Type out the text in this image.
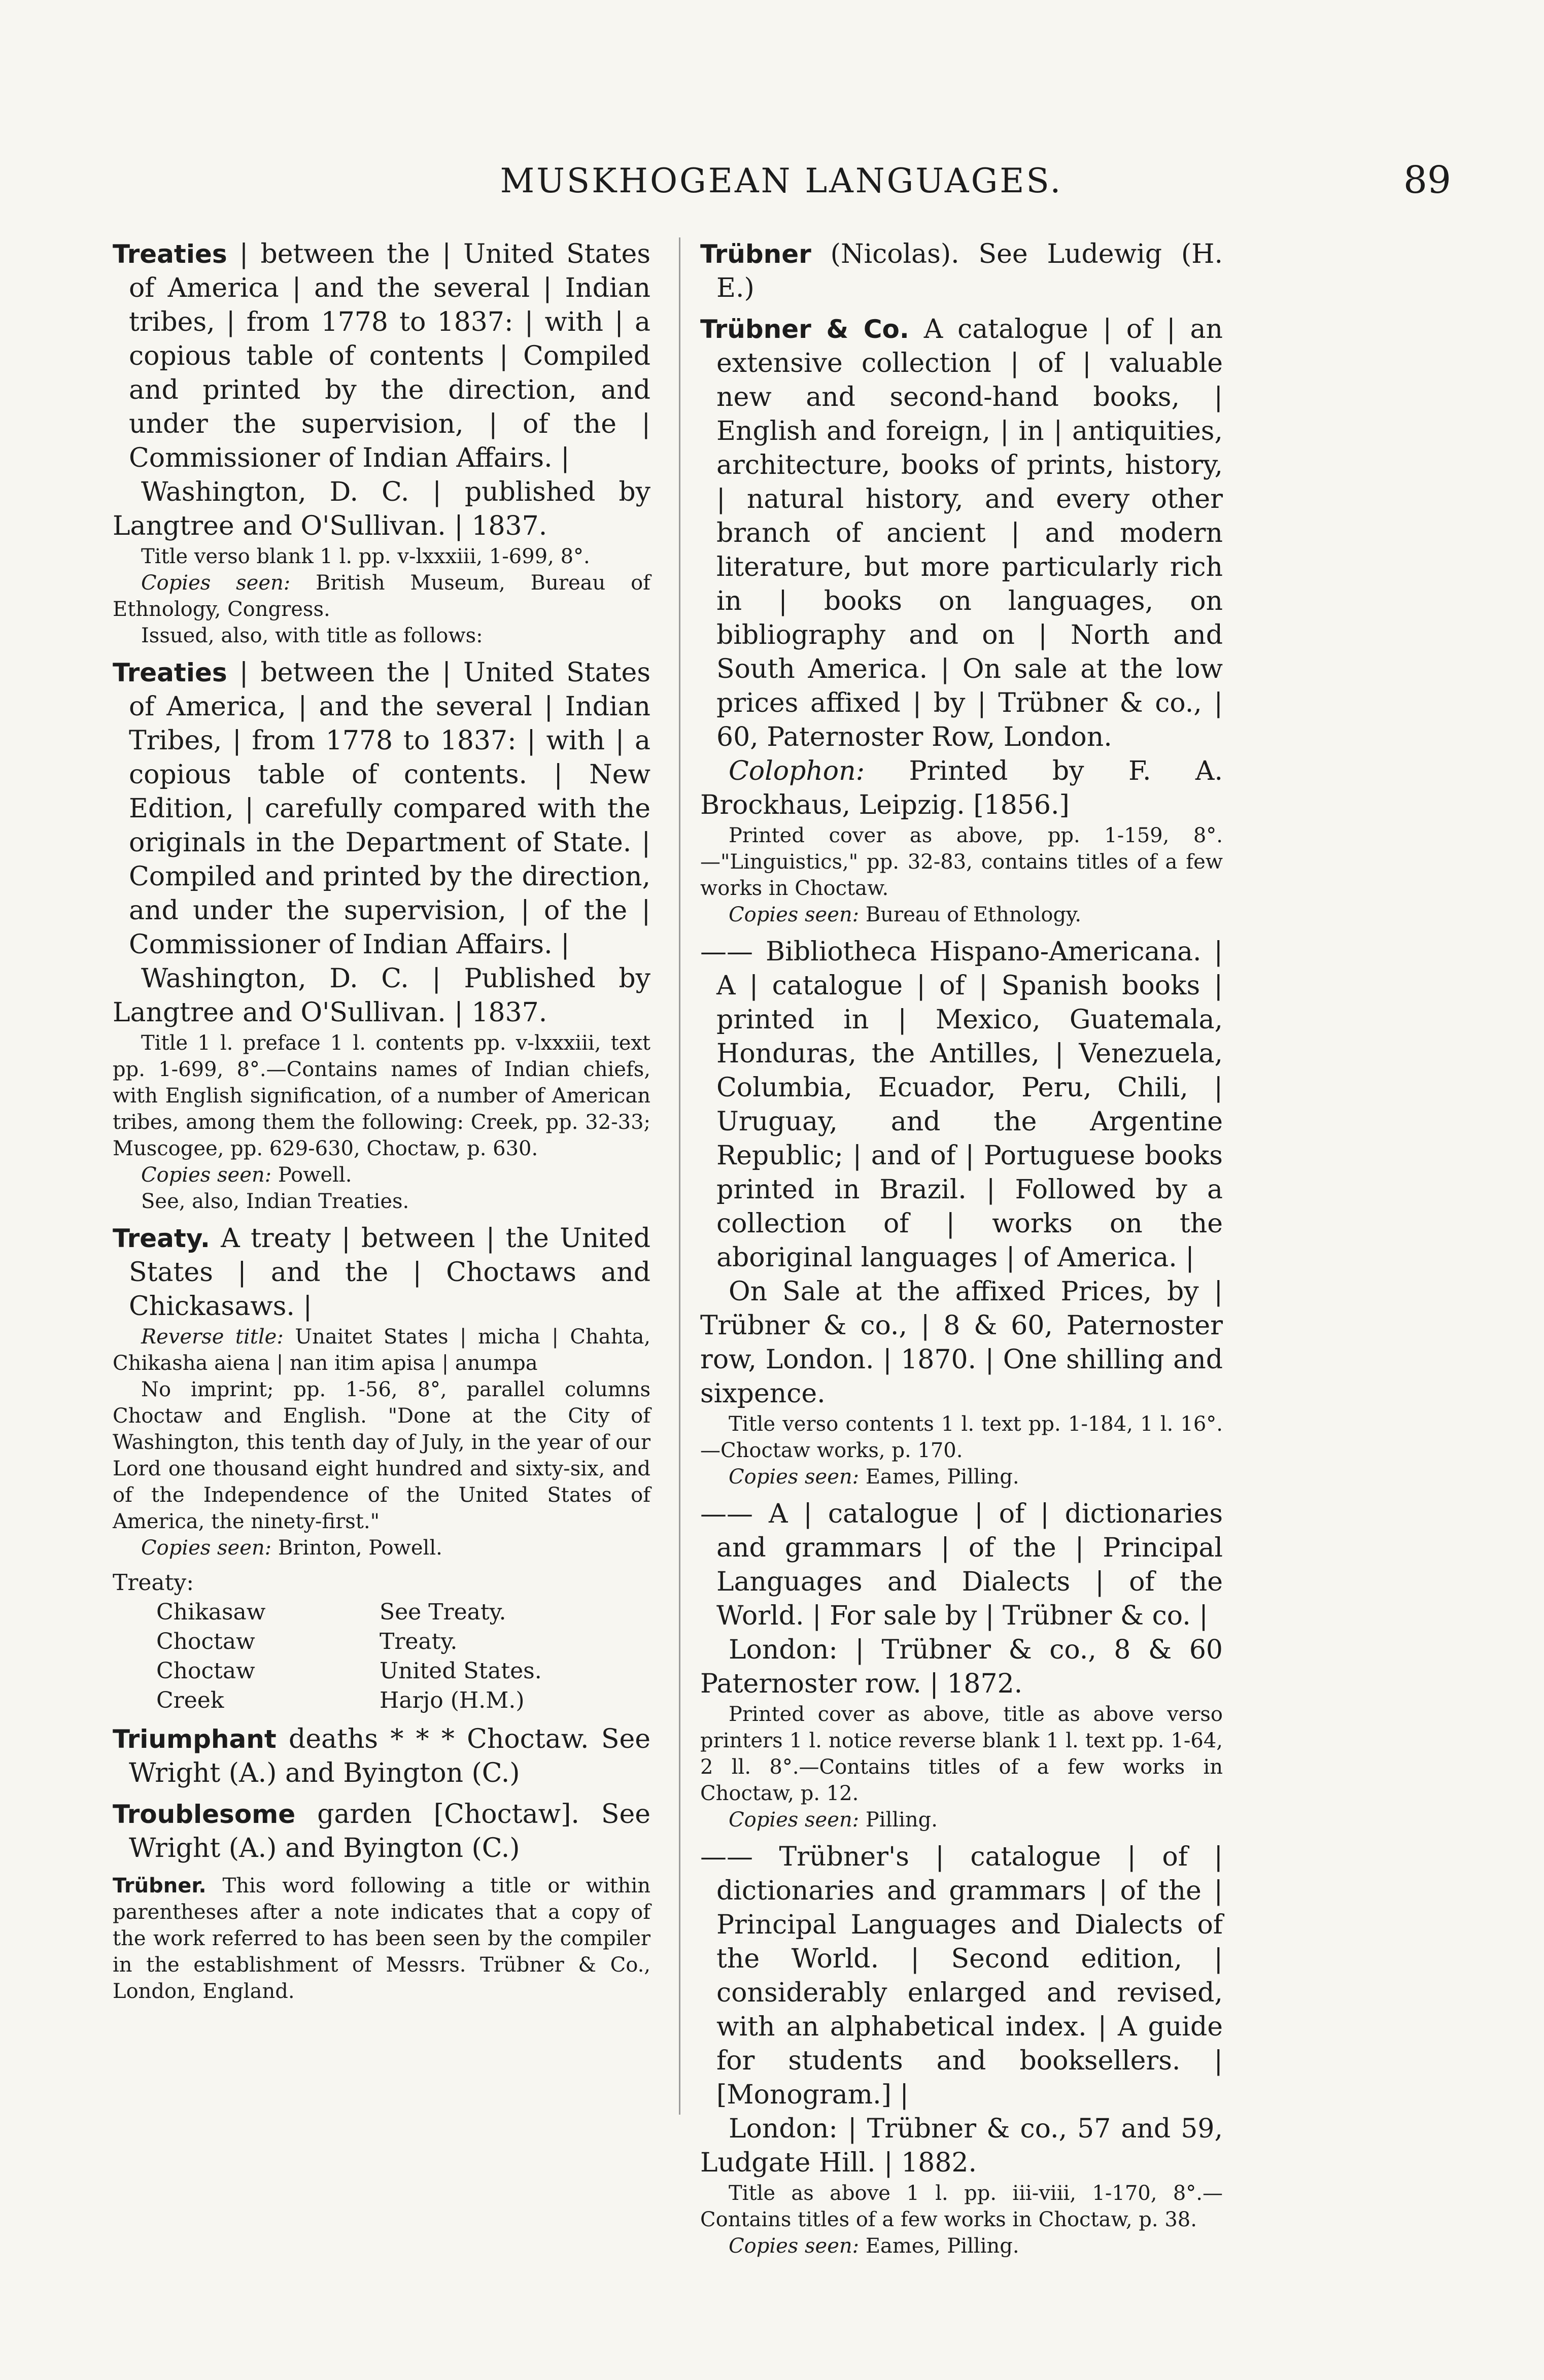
MUSKHOGEAN LANGUAGES.	89

Treaties | between the | United States of America | and the several | Indian tribes, | from 1778 to 1837: | with | a copious table of contents | Compiled and printed by the direction, and under the supervision, | of the | Commissioner of Indian Affairs. |

Washington, D. C. | published by Langtree and O'Sullivan. | 1837.

Title verso blank 1 l. pp. v-lxxxiii, 1-699, 8°.

Copies seen: British Museum, Bureau of Ethnology, Congress.

Issued, also, with title as follows:

Treaties | between the | United States of America, | and the several | Indian Tribes, | from 1778 to 1837: | with | a copious table of contents. | New Edition, | carefully compared with the originals in the Department of State. | Compiled and printed by the direction, and under the supervision, | of the | Commissioner of Indian Affairs. |

Washington, D. C. | Published by Langtree and O'Sullivan. | 1837.

Title 1 l. preface 1 l. contents pp. v-lxxxiii, text pp. 1-699, 8°.—Contains names of Indian chiefs, with English signification, of a number of American tribes, among them the following: Creek, pp. 32-33; Muscogee, pp. 629-630, Choctaw, p. 630.

Copies seen: Powell.

See, also, Indian Treaties.

Treaty. A treaty | between | the United States | and the | Choctaws and Chickasaws. |

Reverse title: Unaitet States | micha | Chahta, Chikasha aiena | nan itim apisa | anumpa

No imprint; pp. 1-56, 8°, parallel columns Choctaw and English. "Done at the City of Washington, this tenth day of July, in the year of our Lord one thousand eight hundred and sixty-six, and of the Independence of the United States of America, the ninety-first."

Copies seen: Brinton, Powell.

Treaty:

Chikasaw	See Treaty.
Choctaw	Treaty.
Choctaw	United States.
Creek	Harjo (H.M.)

Triumphant deaths * * * Choctaw. See Wright (A.) and Byington (C.)

Troublesome garden [Choctaw]. See Wright (A.) and Byington (C.)

Trübner. This word following a title or within parentheses after a note indicates that a copy of the work referred to has been seen by the compiler in the establishment of Messrs. Trübner & Co., London, England.

Trübner (Nicolas). See Ludewig (H. E.)

Trübner & Co. A catalogue | of | an extensive collection | of | valuable new and second-hand books, | English and foreign, | in | antiquities, architecture, books of prints, history, | natural history, and every other branch of ancient | and modern literature, but more particularly rich in | books on languages, on bibliography and on | North and South America. | On sale at the low prices affixed | by | Trübner & co., | 60, Paternoster Row, London.

Colophon: Printed by F. A. Brockhaus, Leipzig. [1856.]

Printed cover as above, pp. 1-159, 8°.—"Linguistics," pp. 32-83, contains titles of a few works in Choctaw.

Copies seen: Bureau of Ethnology.

—— Bibliotheca Hispano-Americana. | A | catalogue | of | Spanish books | printed in | Mexico, Guatemala, Honduras, the Antilles, | Venezuela, Columbia, Ecuador, Peru, Chili, | Uruguay, and the Argentine Republic; | and of | Portuguese books printed in Brazil. | Followed by a collection of | works on the aboriginal languages | of America. |

On Sale at the affixed Prices, by | Trübner & co., | 8 & 60, Paternoster row, London. | 1870. | One shilling and sixpence.

Title verso contents 1 l. text pp. 1-184, 1 l. 16°.—Choctaw works, p. 170.

Copies seen: Eames, Pilling.

—— A | catalogue | of | dictionaries and grammars | of the | Principal Languages and Dialects | of the World. | For sale by | Trübner & co. |

London: | Trübner & co., 8 & 60 Paternoster row. | 1872.

Printed cover as above, title as above verso printers 1 l. notice reverse blank 1 l. text pp. 1-64, 2 ll. 8°.—Contains titles of a few works in Choctaw, p. 12.

Copies seen: Pilling.

—— Trübner's | catalogue | of | dictionaries and grammars | of the | Principal Languages and Dialects of the World. | Second edition, | considerably enlarged and revised, with an alphabetical index. | A guide for students and booksellers. | [Monogram.] |

London: | Trübner & co., 57 and 59, Ludgate Hill. | 1882.

Title as above 1 l. pp. iii-viii, 1-170, 8°.—Contains titles of a few works in Choctaw, p. 38.

Copies seen: Eames, Pilling.
